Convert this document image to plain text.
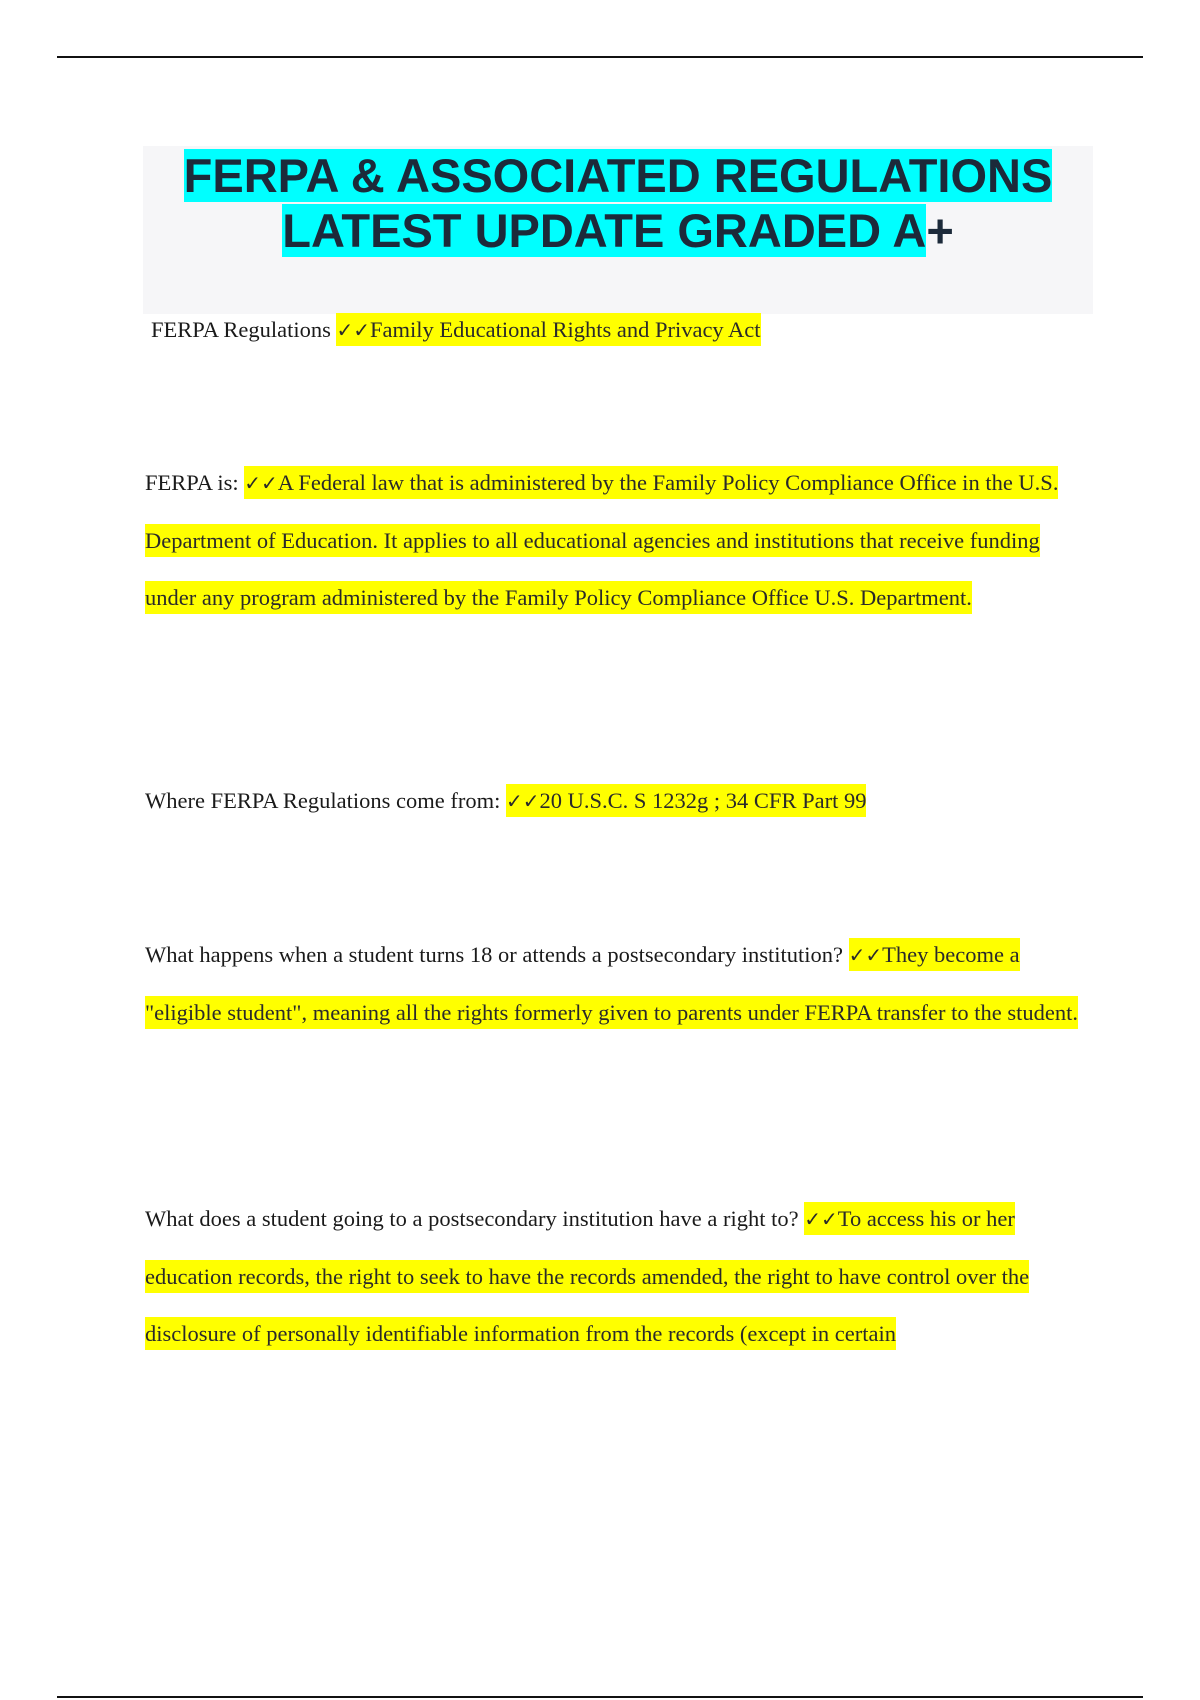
FERPA & ASSOCIATED REGULATIONS
LATEST UPDATE GRADED A+

FERPA Regulations ✓✓Family Educational Rights and Privacy Act

FERPA is: ✓✓A Federal law that is administered by the Family Policy Compliance Office in the U.S. Department of Education. It applies to all educational agencies and institutions that receive funding under any program administered by the Family Policy Compliance Office U.S. Department.

Where FERPA Regulations come from: ✓✓20 U.S.C. S 1232g ; 34 CFR Part 99

What happens when a student turns 18 or attends a postsecondary institution? ✓✓They become a "eligible student", meaning all the rights formerly given to parents under FERPA transfer to the student.

What does a student going to a postsecondary institution have a right to? ✓✓To access his or her education records, the right to seek to have the records amended, the right to have control over the disclosure of personally identifiable information from the records (except in certain
